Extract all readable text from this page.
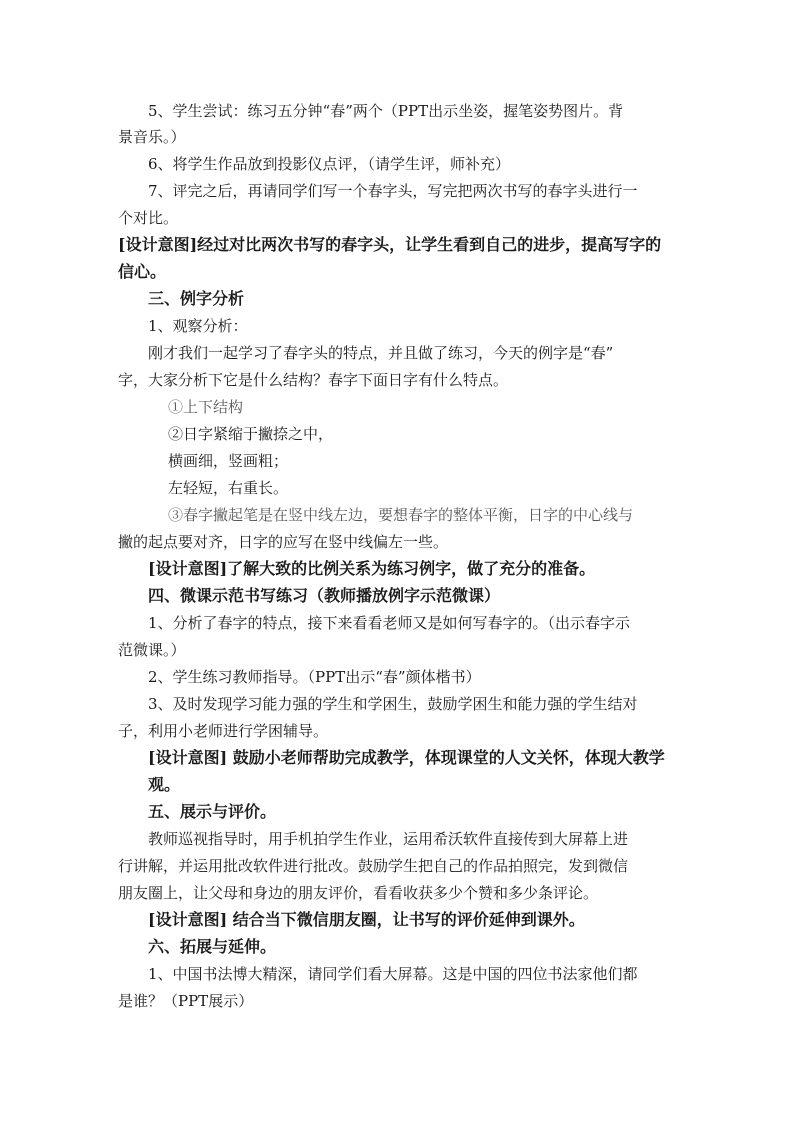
5、学生尝试：练习五分钟“春”两个（PPT出示坐姿，握笔姿势图片。背
景音乐。）
6、将学生作品放到投影仪点评，（请学生评，师补充）
7、评完之后，再请同学们写一个春字头，写完把两次书写的春字头进行一
个对比。
[设计意图]经过对比两次书写的春字头，让学生看到自己的进步，提高写字的
信心。
三、例字分析
1、观察分析：
刚才我们一起学习了春字头的特点，并且做了练习，今天的例字是“春”
字，大家分析下它是什么结构？春字下面日字有什么特点。
①上下结构
②日字紧缩于撇捺之中，
横画细，竖画粗；
左轻短，右重长。
③春字撇起笔是在竖中线左边，要想春字的整体平衡，日字的中心线与
撇的起点要对齐，日字的应写在竖中线偏左一些。
[设计意图]了解大致的比例关系为练习例字，做了充分的准备。
四、微课示范书写练习（教师播放例字示范微课）
1、分析了春字的特点，接下来看看老师又是如何写春字的。（出示春字示
范微课。）
2、学生练习教师指导。（PPT出示“春”颜体楷书）
3、及时发现学习能力强的学生和学困生，鼓励学困生和能力强的学生结对
子，利用小老师进行学困辅导。
[设计意图] 鼓励小老师帮助完成教学，体现课堂的人文关怀，体现大教学
观。
五、展示与评价。
教师巡视指导时，用手机拍学生作业，运用希沃软件直接传到大屏幕上进
行讲解，并运用批改软件进行批改。鼓励学生把自己的作品拍照完，发到微信
朋友圈上，让父母和身边的朋友评价，看看收获多少个赞和多少条评论。
[设计意图] 结合当下微信朋友圈，让书写的评价延伸到课外。
六、拓展与延伸。
1、中国书法博大精深，请同学们看大屏幕。这是中国的四位书法家他们都
是谁？（PPT展示）
